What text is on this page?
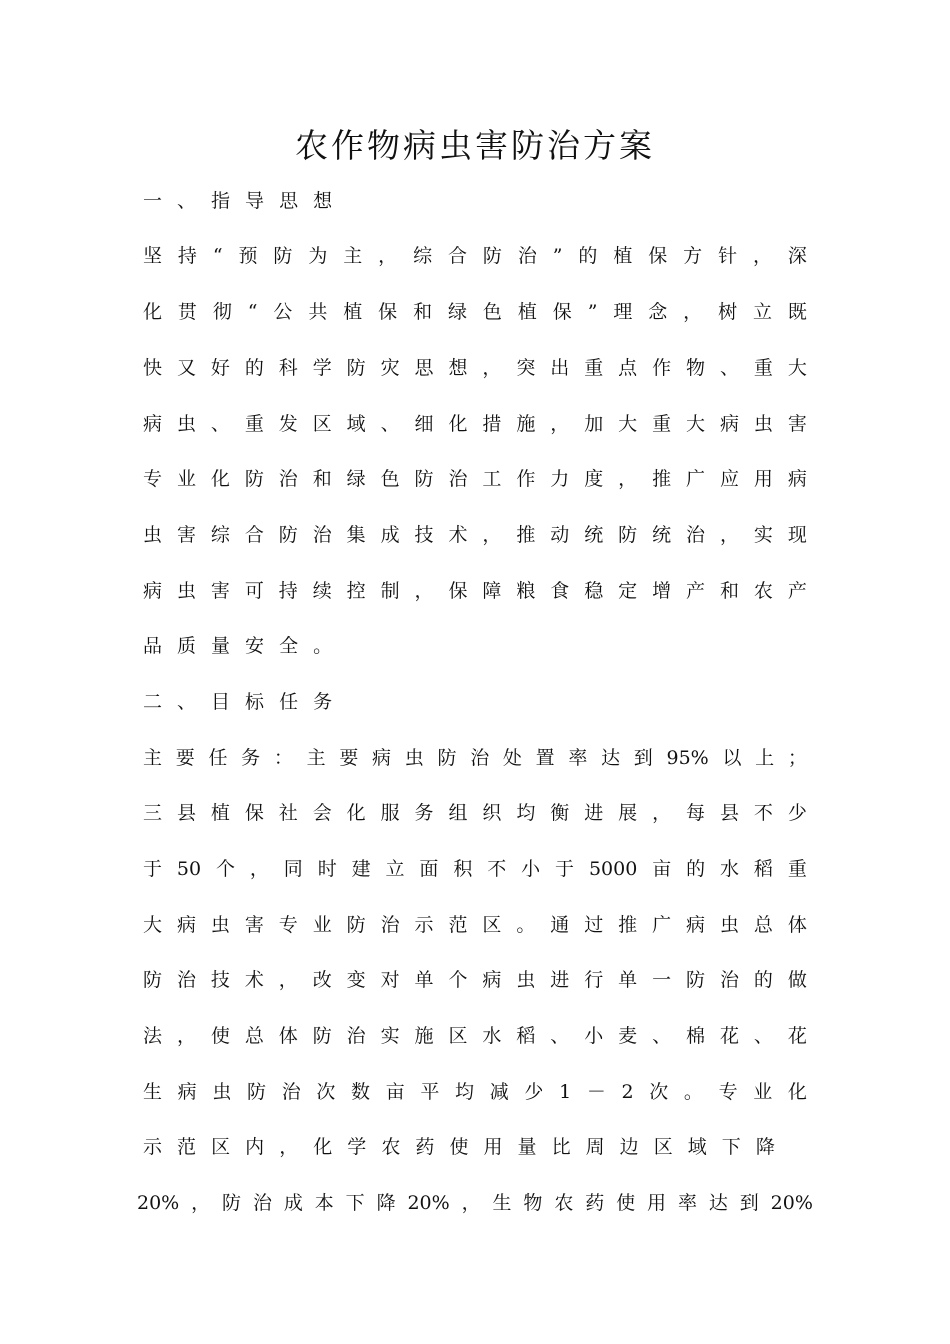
农作物病虫害防治方案
一 、 指 导 思 想
坚 持 “ 预 防 为 主 ， 综 合 防 治 ” 的 植 保 方 针 ， 深
化 贯 彻 “ 公 共 植 保 和 绿 色 植 保 ” 理 念 ， 树 立 既
快 又 好 的 科 学 防 灾 思 想 ， 突 出 重 点 作 物 、 重 大
病 虫 、 重 发 区 域 、 细 化 措 施 ， 加 大 重 大 病 虫 害
专 业 化 防 治 和 绿 色 防 治 工 作 力 度 ， 推 广 应 用 病
虫 害 综 合 防 治 集 成 技 术 ， 推 动 统 防 统 治 ， 实 现
病 虫 害 可 持 续 控 制 ， 保 障 粮 食 稳 定 增 产 和 农 产
品 质 量 安 全 。
二 、 目 标 任 务
主 要 任 务 ： 主 要 病 虫 防 治 处 置 率 达 到 95% 以 上 ；
三 县 植 保 社 会 化 服 务 组 织 均 衡 进 展 ， 每 县 不 少
于 50 个 ， 同 时 建 立 面 积 不 小 于 5000 亩 的 水 稻 重
大 病 虫 害 专 业 防 治 示 范 区 。 通 过 推 广 病 虫 总 体
防 治 技 术 ， 改 变 对 单 个 病 虫 进 行 单 一 防 治 的 做
法 ， 使 总 体 防 治 实 施 区 水 稻 、 小 麦 、 棉 花 、 花
生 病 虫 防 治 次 数 亩 平 均 减 少 1 － 2 次 。 专 业 化
示 范 区 内 ， 化 学 农 药 使 用 量 比 周 边 区 域 下 降
20% ， 防 治 成 本 下 降 20% ， 生 物 农 药 使 用 率 达 到 20%
